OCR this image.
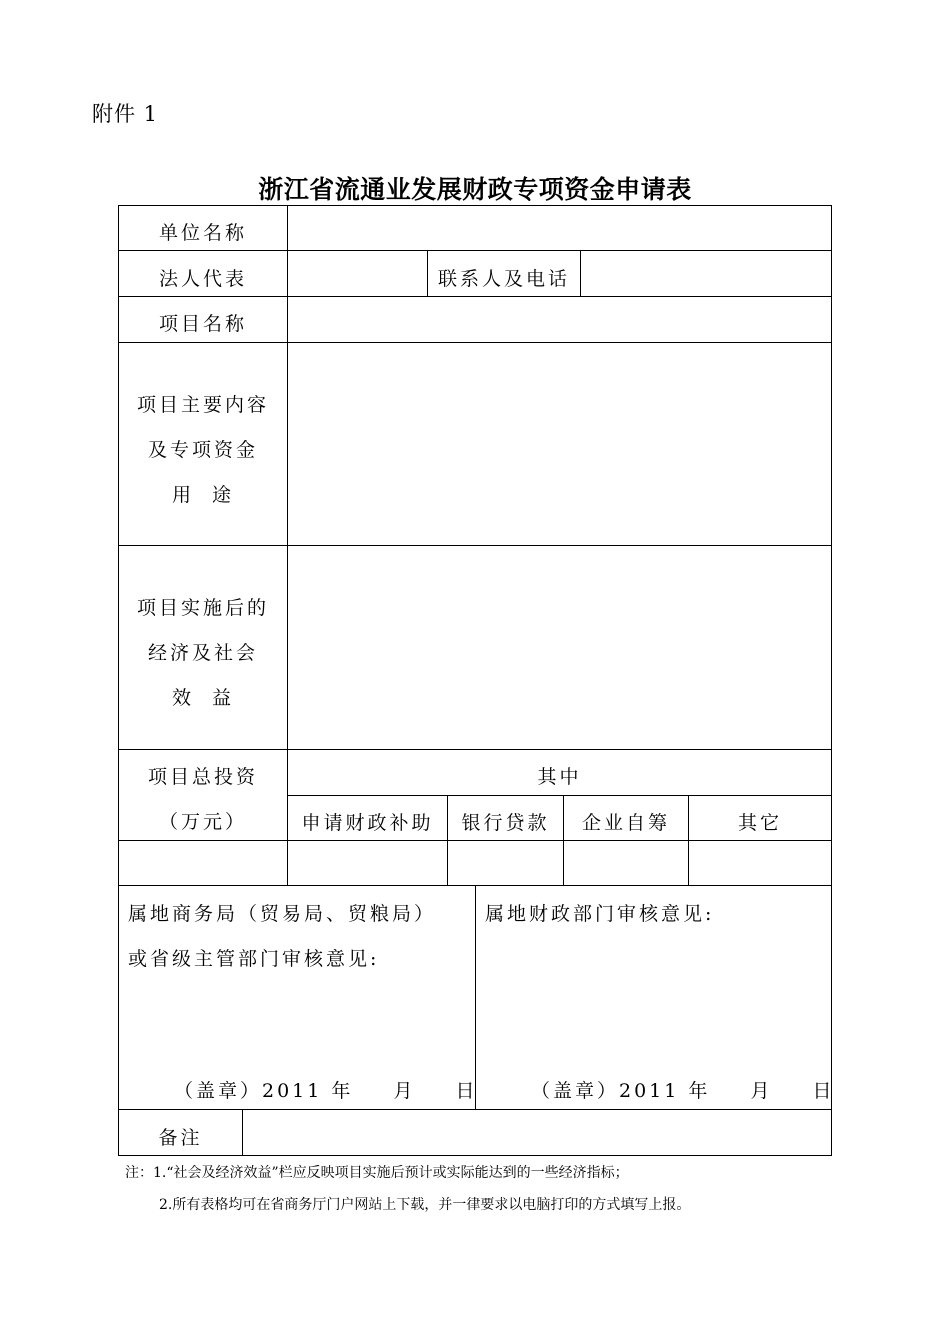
附件 1
浙江省流通业发展财政专项资金申请表
单位名称
法人代表	联系人及电话
项目名称
项目主要内容
及专项资金
用  途
项目实施后的
经济及社会
效  益
项目总投资
（万元）
其中
申请财政补助	银行贷款	企业自筹	其它
属地商务局（贸易局、贸粮局）
或省级主管部门审核意见:
属地财政部门审核意见:
（盖章）2011 年　  月　  日	（盖章）2011 年　  月　  日
备注
注：1.“社会及经济效益”栏应反映项目实施后预计或实际能达到的一些经济指标；
2.所有表格均可在省商务厅门户网站上下载，并一律要求以电脑打印的方式填写上报。
